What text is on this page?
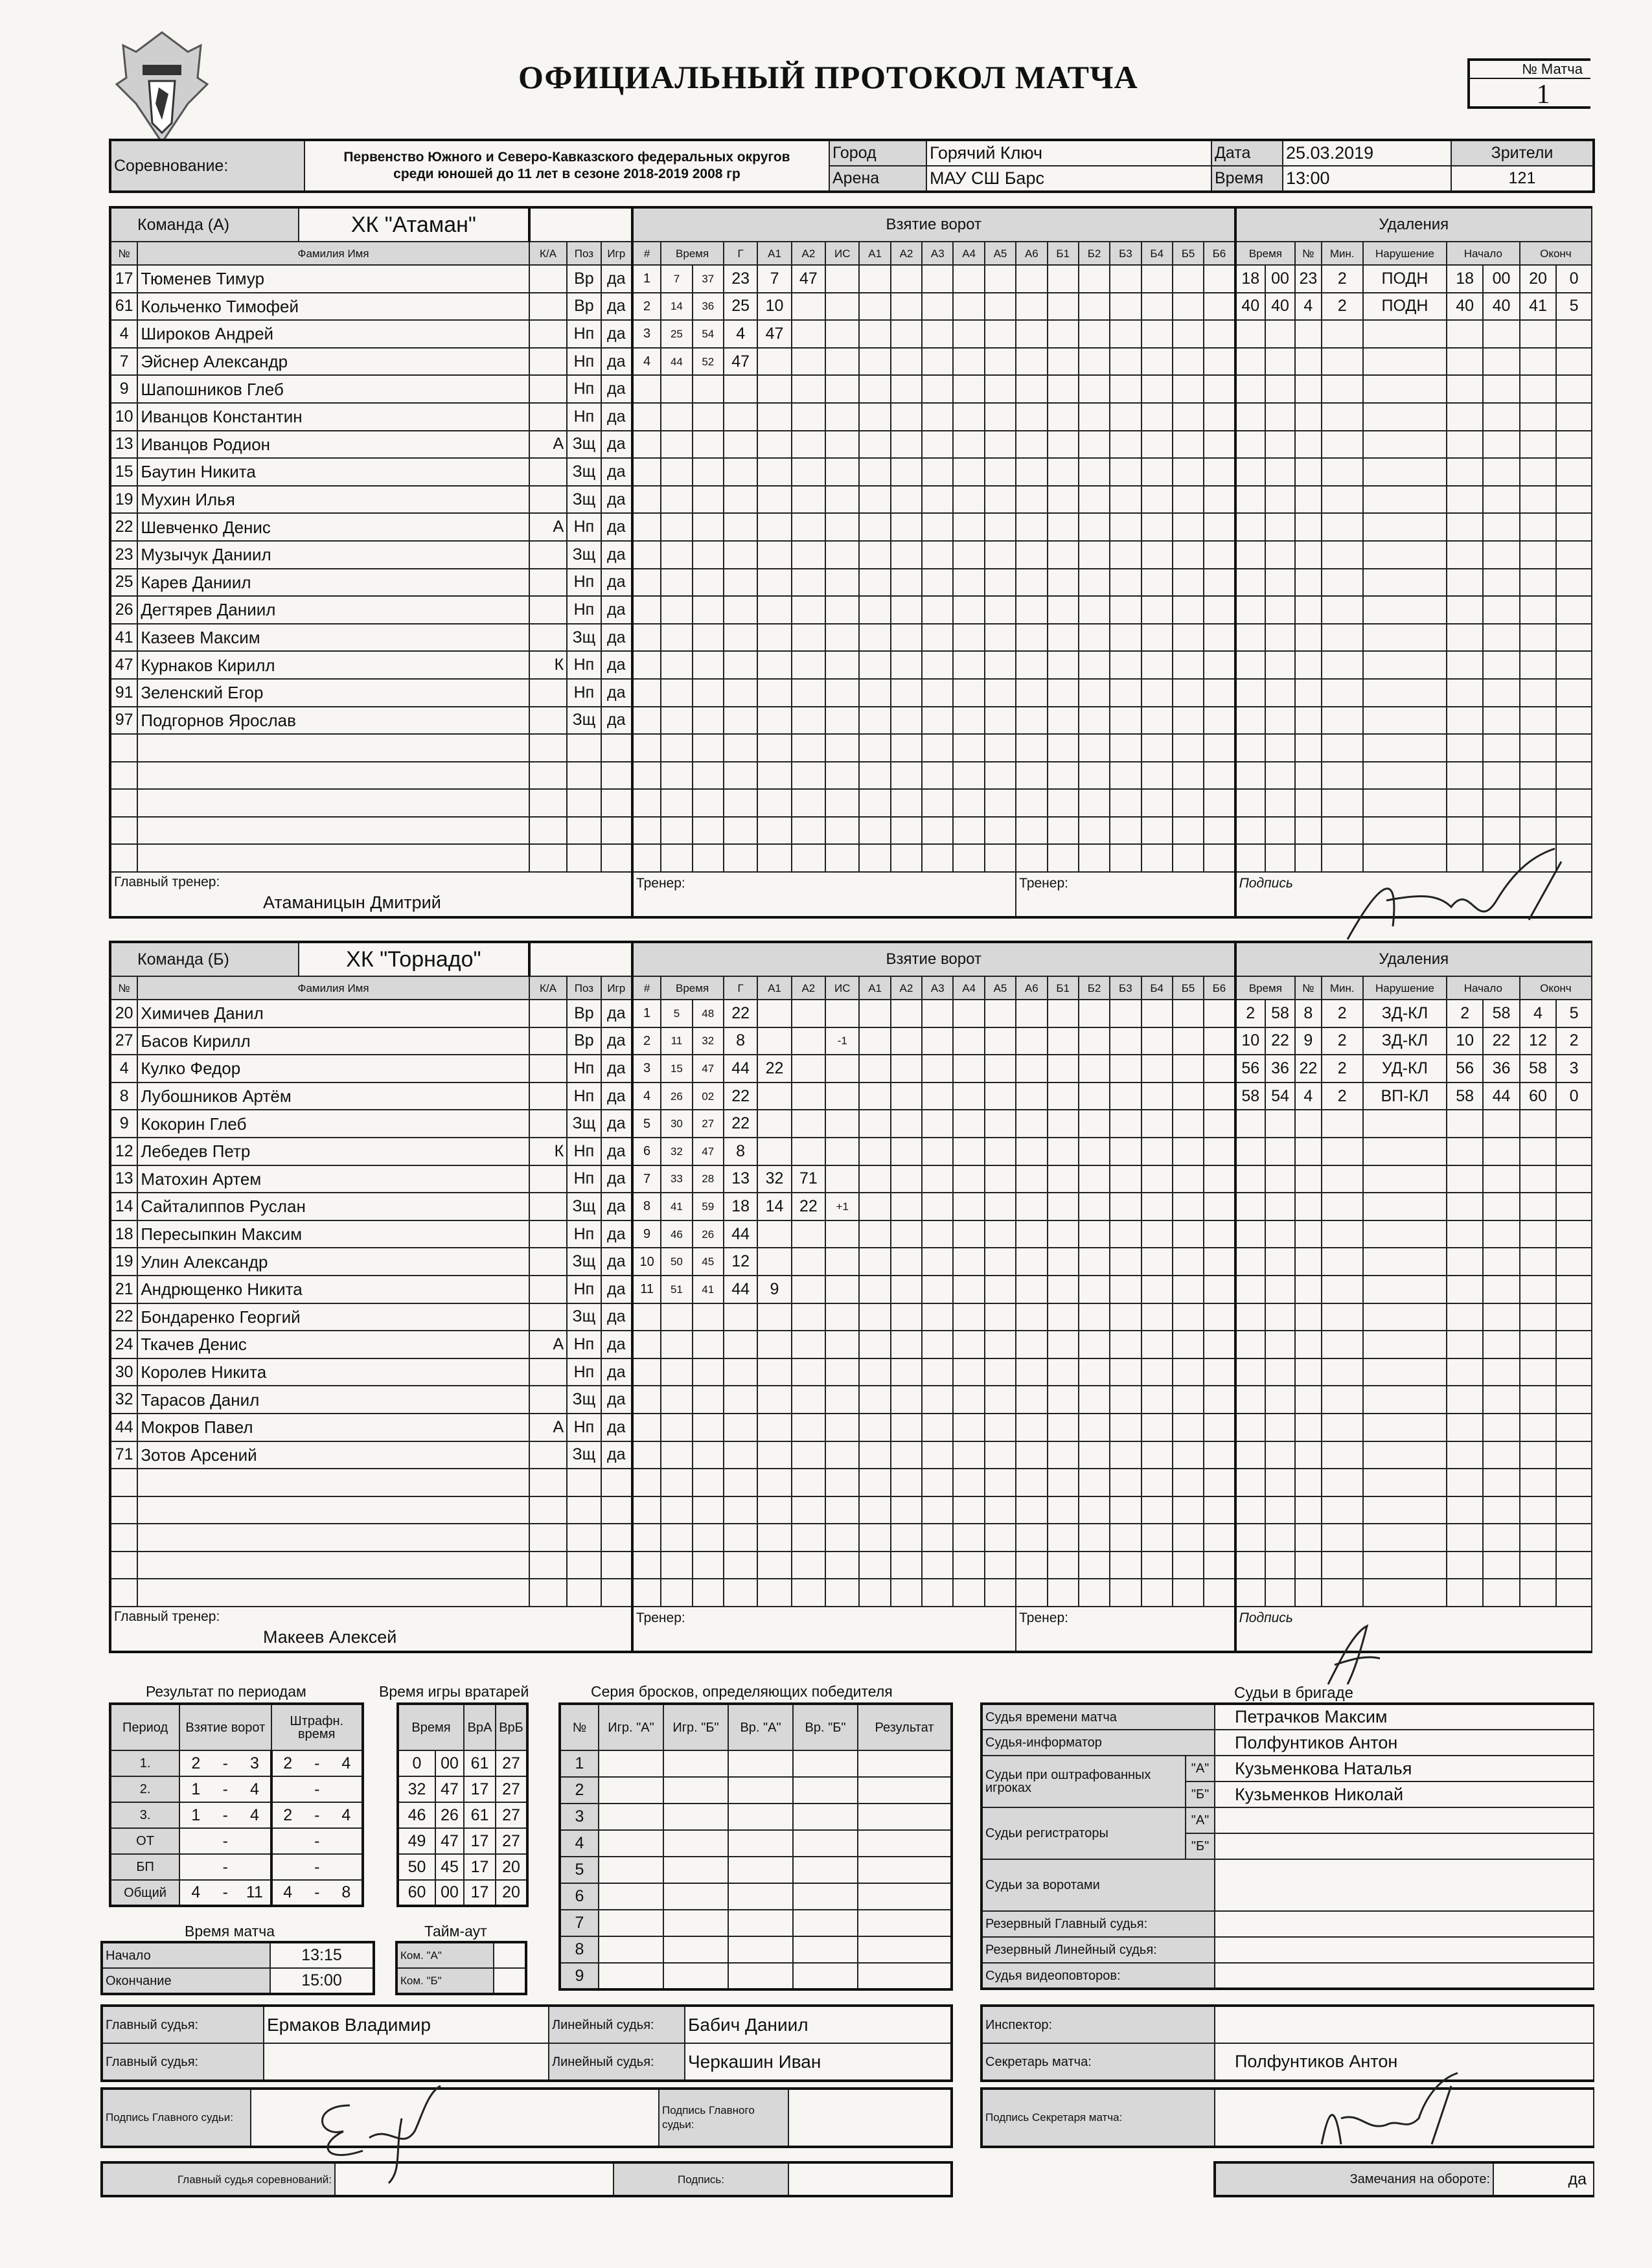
ОФИЦИАЛЬНЫЙ ПРОТОКОЛ МАТЧА	№ Матча
1
Соревнование:	Первенство Южного и Северо-Кавказского федеральных округов среди юношей до 11 лет в сезоне 2018-2019 2008 гр	Город	Горячий Ключ	Дата	25.03.2019	Зрители
		Арена	МАУ СШ Барс	Время	13:00	121
Команда (А) ХК "Атаман"					Взятие ворот																			Удаления								
№	Фамилия Имя	К/А	Поз	Игр	#	Время		Г	А1	А2	ИС	А1	А2	А3	А4	А5	А6	Б1	Б2	Б3	Б4	Б5	Б6	Время		№	Мин.	Нарушение	Начало		Оконч	
17	Тюменев Тимур		Вр	да	1	7	37	23	7	47														18	00	23	2	ПОДН	18	00	20	0
61	Кольченко Тимофей		Вр	да	2	14	36	25	10															40	40	4	2	ПОДН	40	40	41	5
4	Широков Андрей		Нп	да	3	25	54	4	47																							
7	Эйснер Александр		Нп	да	4	44	52	47																								
9	Шапошников Глеб		Нп	да																												
10	Иванцов Константин		Нп	да																												
13	Иванцов Родион	А	Зщ	да																												
15	Баутин Никита		Зщ	да																												
19	Мухин Илья		Зщ	да																												
22	Шевченко Денис	А	Нп	да																												
23	Музычук Даниил		Зщ	да																												
25	Карев Даниил		Нп	да																												
26	Дегтярев Даниил		Нп	да																												
41	Казеев Максим		Зщ	да																												
47	Курнаков Кирилл	К	Нп	да																												
91	Зеленский Егор		Нп	да																												
97	Подгорнов Ярослав		Зщ	да																												

Главный тренер:
Атаманицын Дмитрий					Тренер:												Тренер:							Подпись								
Команда (Б) ХК "Торнадо"					Взятие ворот																			Удаления								
№	Фамилия Имя	К/А	Поз	Игр	#	Время		Г	А1	А2	ИС	А1	А2	А3	А4	А5	А6	Б1	Б2	Б3	Б4	Б5	Б6	Время		№	Мин.	Нарушение	Начало		Оконч	
20	Химичев Данил		Вр	да	1	5	48	22																2	58	8	2	ЗД-КЛ	2	58	4	5
27	Басов Кирилл		Вр	да	2	11	32	8			-1													10	22	9	2	ЗД-КЛ	10	22	12	2
4	Кулко Федор		Нп	да	3	15	47	44	22															56	36	22	2	УД-КЛ	56	36	58	3
8	Лубошников Артём		Нп	да	4	26	02	22																58	54	4	2	ВП-КЛ	58	44	60	0
9	Кокорин Глеб		Зщ	да	5	30	27	22																								
12	Лебедев Петр	К	Нп	да	6	32	47	8																								
13	Матохин Артем		Нп	да	7	33	28	13	32	71																						
14	Сайталиппов Руслан		Зщ	да	8	41	59	18	14	22	+1																					
18	Пересыпкин Максим		Нп	да	9	46	26	44																								
19	Улин Александр		Зщ	да	10	50	45	12																								
21	Андрющенко Никита		Нп	да	11	51	41	44	9																							
22	Бондаренко Георгий		Зщ	да																												
24	Ткачев Денис	А	Нп	да																												
30	Королев Никита		Нп	да																												
32	Тарасов Данил		Зщ	да																												
44	Мокров Павел	А	Нп	да																												
71	Зотов Арсений		Зщ	да																												

Главный тренер:
Макеев Алексей					Тренер:												Тренер:							Подпись								
Результат по периодам
Период	Взятие ворот			Штрафн. время		
1.	2	-	3	2	-	4
2.	1	-	4		-	
3.	1	-	4	2	-	4
ОТ		-			-	
БП		-			-	
Общий	4	-	11	4	-	8
Время игры вратарей
Время		ВрА	ВрБ
0	00	61	27
32	47	17	27
46	26	61	27
49	47	17	27
50	45	17	20
60	00	17	20
Серия бросков, определяющих победителя
№	Игр. "А"	Игр. "Б"	Вр. "А"	Вр. "Б"	Результат
1					
2					
3					
4					
5					
6					
7					
8					
9					
Время матча
Начало	13:15
Окончание	15:00
Тайм-аут
Ком. "А"	
Ком. "Б"	
Судьи в бригаде
Судья времени матча		Петрачков Максим
Судья-информатор		Полфунтиков Антон
Судьи при оштрафованных игроках	"А"	Кузьменкова Наталья
	"Б"	Кузьменков Николай
Судьи регистраторы	"А"	
	"Б"	
Судьи за воротами		
Резервный Главный судья:		
Резервный Линейный судья:		
Судья видеоповторов:		
Главный судья:	Ермаков Владимир	Линейный судья:	Бабич Даниил
Главный судья:		Линейный судья:	Черкашин Иван
Инспектор:	
Секретарь матча:	Полфунтиков Антон
Подпись Главного судьи:		Подпись Главного судьи:	
Подпись Секретаря матча:	
Главный судья соревнований:		Подпись:		Замечания на обороте:	да
